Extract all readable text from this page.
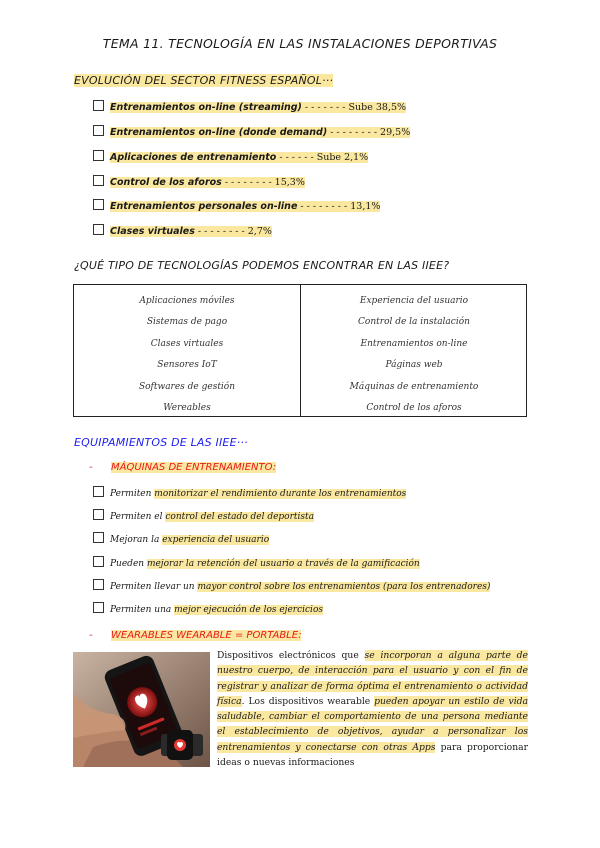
TEMA 11. TECNOLOGÍA EN LAS INSTALACIONES DEPORTIVAS
EVOLUCIÓN DEL SECTOR FITNESS ESPAÑOL···
Entrenamientos on-line (streaming) - - - - - - - Sube 38,5%
Entrenamientos on-line (donde demand) - - - - - - - - 29,5%
Aplicaciones de entrenamiento - - - - - - Sube 2,1%
Control de los aforos - - - - - - - - 15,3%
Entrenamientos personales on-line - - - - - - - - 13,1%
Clases virtuales - - - - - - - - 2,7%
¿QUÉ TIPO DE TECNOLOGÍAS PODEMOS ENCONTRAR EN LAS IIEE?
Aplicaciones móviles
Sistemas de pago
Clases virtuales
Sensores IoT
Softwares de gestión
Wereables
Experiencia del usuario
Control de la instalación
Entrenamientos on-line
Páginas web
Máquinas de entrenamiento
Control de los aforos
EQUIPAMIENTOS DE LAS IIEE···
- MÁQUINAS DE ENTRENAMIENTO:
Permiten monitorizar el rendimiento durante los entrenamientos
Permiten el control del estado del deportista
Mejoran la experiencia del usuario
Pueden mejorar la retención del usuario a través de la gamificación
Permiten llevar un mayor control sobre los entrenamientos (para los entrenadores)
Permiten una mejor ejecución de los ejercicios
- WEARABLES WEARABLE = PORTABLE:
Dispositivos electrónicos que se incorporan a alguna parte de nuestro cuerpo, de interacción para el usuario y con el fin de registrar y analizar de forma óptima el entrenamiento o actividad física. Los dispositivos wearable pueden apoyar un estilo de vida saludable, cambiar el comportamiento de una persona mediante el establecimiento de objetivos, ayudar a personalizar los entrenamientos y conectarse con otras Apps para proporcionar ideas o nuevas informaciones
